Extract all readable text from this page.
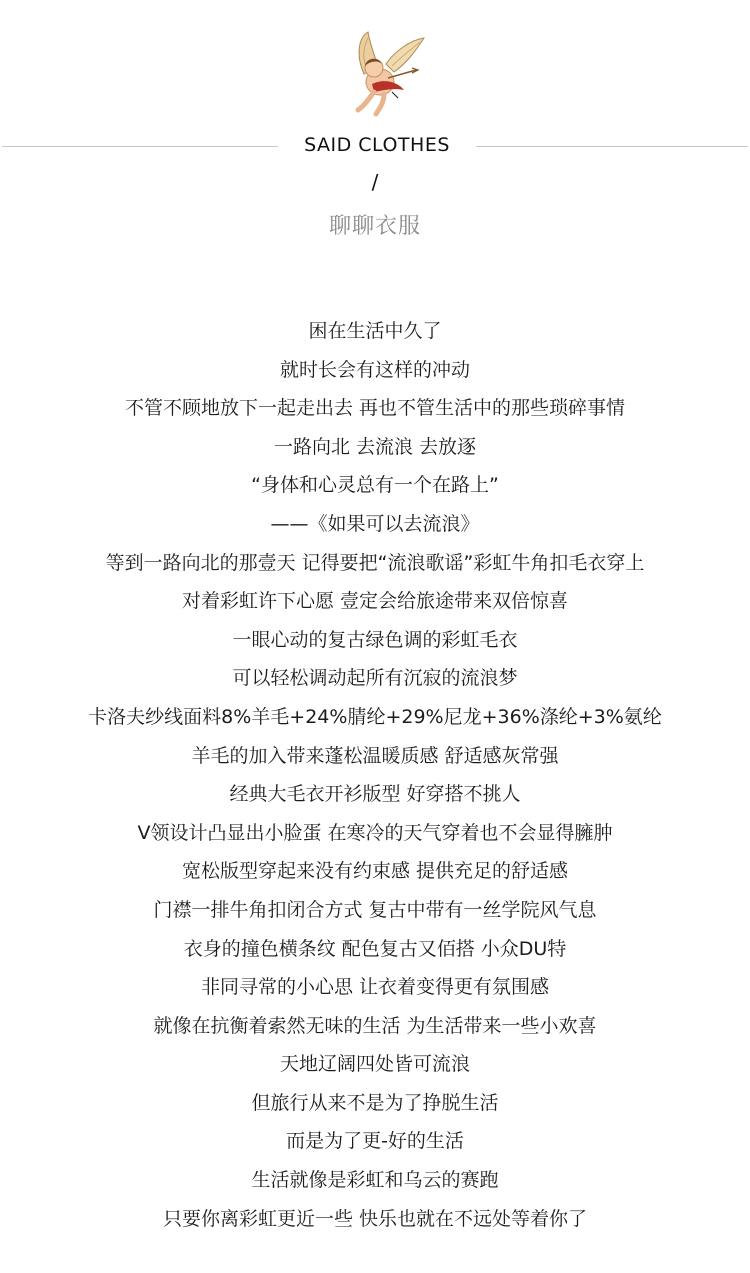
SAID CLOTHES
/
聊聊衣服
困在生活中久了
就时长会有这样的冲动
不管不顾地放下一起走出去 再也不管生活中的那些琐碎事情
一路向北 去流浪 去放逐
“身体和心灵总有一个在路上”
——《如果可以去流浪》
等到一路向北的那壹天 记得要把“流浪歌谣”彩虹牛角扣毛衣穿上
对着彩虹许下心愿 壹定会给旅途带来双倍惊喜
一眼心动的复古绿色调的彩虹毛衣
可以轻松调动起所有沉寂的流浪梦
卡洛夫纱线面料8%羊毛+24%腈纶+29%尼龙+36%涤纶+3%氨纶
羊毛的加入带来蓬松温暖质感 舒适感灰常强
经典大毛衣开衫版型 好穿搭不挑人
V领设计凸显出小脸蛋 在寒冷的天气穿着也不会显得臃肿
宽松版型穿起来没有约束感 提供充足的舒适感
门襟一排牛角扣闭合方式 复古中带有一丝学院风气息
衣身的撞色横条纹 配色复古又佰搭 小众DU特
非同寻常的小心思 让衣着变得更有氛围感
就像在抗衡着索然无味的生活 为生活带来一些小欢喜
天地辽阔四处皆可流浪
但旅行从来不是为了挣脱生活
而是为了更-好的生活
生活就像是彩虹和乌云的赛跑
只要你离彩虹更近一些 快乐也就在不远处等着你了
